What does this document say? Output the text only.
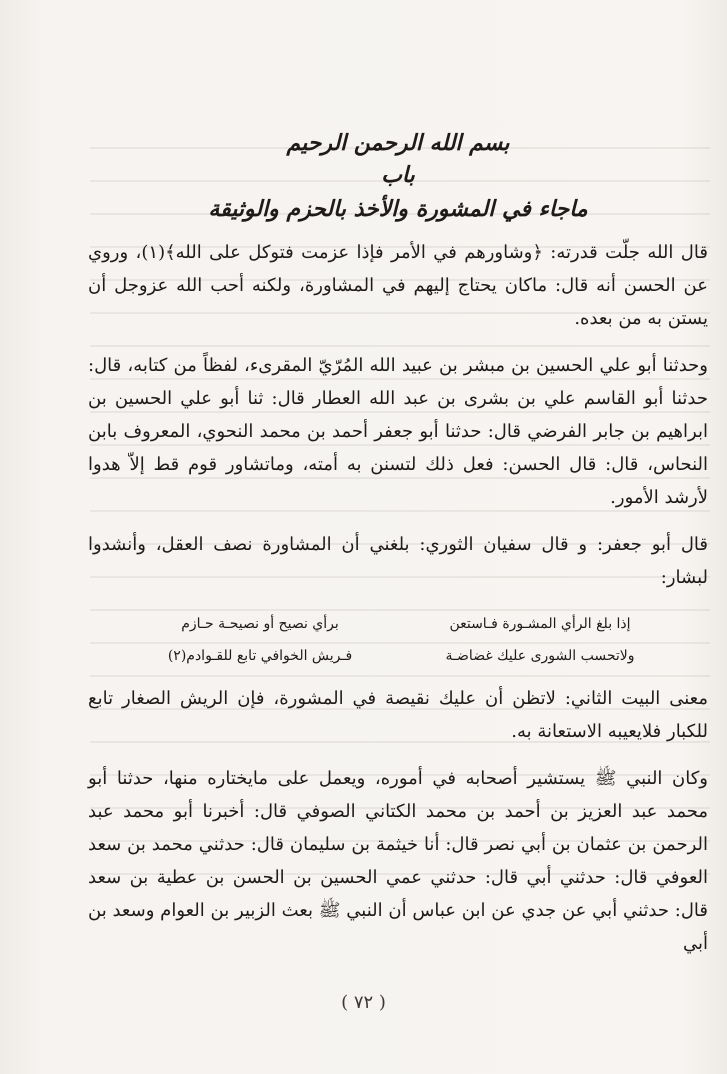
بسم الله الرحمن الرحيم

باب

ماجاء في المشورة والأخذ بالحزم والوثيقة

قال الله جلّت قدرته: ﴿وشاورهم في الأمر فإذا عزمت فتوكل على الله﴾(١)، وروي عن الحسن أنه قال: ماكان يحتاج إليهم في المشاورة، ولكنه أحب الله عزوجل أن يستن به من بعده.

وحدثنا أبو علي الحسين بن مبشر بن عبيد الله المُرّيّ المقرىء، لفظاً من كتابه، قال: حدثنا أبو القاسم علي بن بشرى بن عبد الله العطار قال: ثنا أبو علي الحسين بن ابراهيم بن جابر الفرضي قال: حدثنا أبو جعفر أحمد بن محمد النحوي، المعروف بابن النحاس، قال: قال الحسن: فعل ذلك لتسنن به أمته، وماتشاور قوم قط إلاّ هدوا لأرشد الأمور.

قال أبو جعفر: و قال سفيان الثوري: بلغني أن المشاورة نصف العقل، وأنشدوا لبشار:

إذا بلغ الرأي المشـورة فـاستعن
برأي نصيح أو نصيحـة حـازم
ولاتحسب الشورى عليك غضاضـة
فـريش الخوافي تابع للقـوادم(٢)

معنى البيت الثاني: لاتظن أن عليك نقيصة في المشورة، فإن الريش الصغار تابع للكبار فلايعيبه الاستعانة به.

وكان النبي ﷺ يستشير أصحابه في أموره، ويعمل على مايختاره منها، حدثنا أبو محمد عبد العزيز بن أحمد بن محمد الكتاني الصوفي قال: أخبرنا أبو محمد عبد الرحمن بن عثمان بن أبي نصر قال: أنا خيثمة بن سليمان قال: حدثني محمد بن سعد العوفي قال: حدثني أبي قال: حدثني عمي الحسين بن الحسن بن عطية بن سعد قال: حدثني أبي عن جدي عن ابن عباس أن النبي ﷺ بعث الزبير بن العوام وسعد بن أبي

( ٧٢ )
